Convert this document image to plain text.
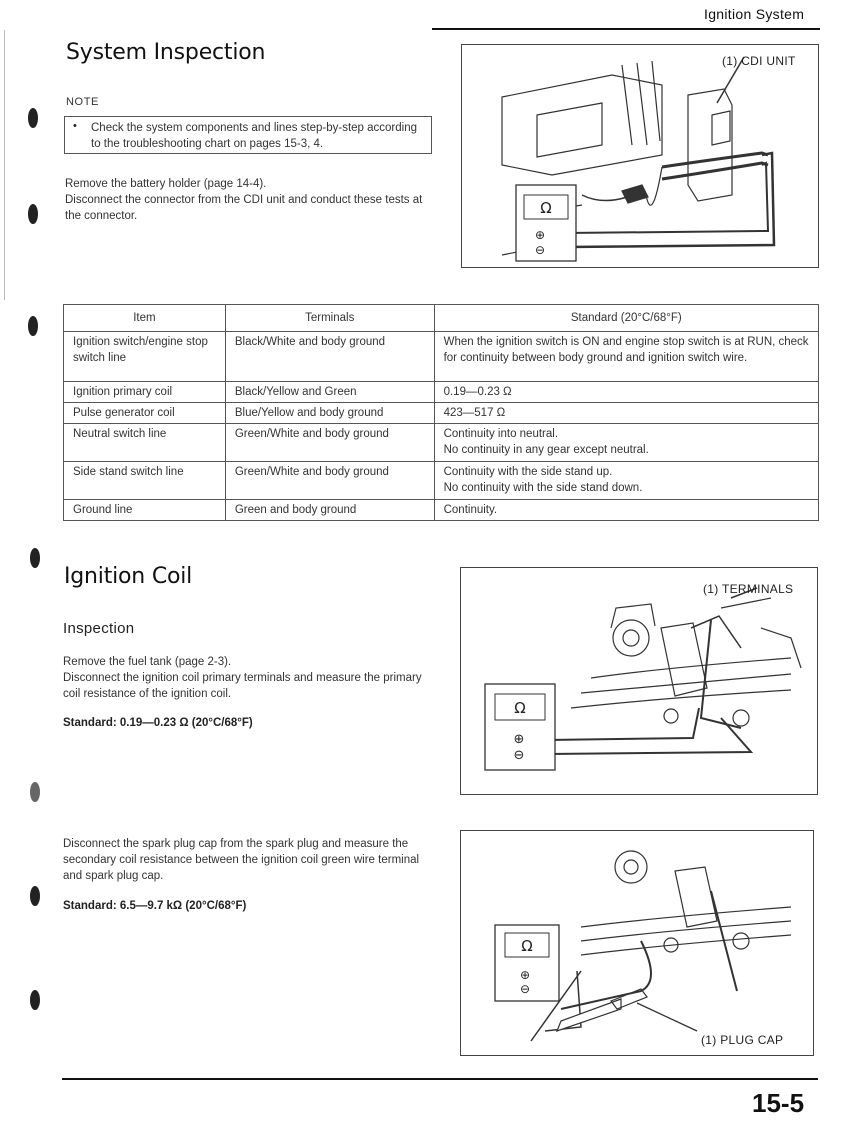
Ignition System
System Inspection
NOTE
• Check the system components and lines step-by-step according to the troubleshooting chart on pages 15-3, 4.
Remove the battery holder (page 14-4).
Disconnect the connector from the CDI unit and conduct these tests at the connector.	Ω
⊕
⊖
(1) CDI UNIT
Item	Terminals	Standard (20°C/68°F)
Ignition switch/engine stop switch line	Black/White and body ground	When the ignition switch is ON and engine stop switch is at RUN, check for continuity between body ground and ignition switch wire.
Ignition primary coil	Black/Yellow and Green	0.19—0.23 Ω
Pulse generator coil	Blue/Yellow and body ground	423—517 Ω
Neutral switch line	Green/White and body ground	Continuity into neutral.
No continuity in any gear except neutral.
Side stand switch line	Green/White and body ground	Continuity with the side stand up.
No continuity with the side stand down.
Ground line	Green and body ground	Continuity.
Ignition Coil
Inspection
Remove the fuel tank (page 2-3).
Disconnect the ignition coil primary terminals and measure the primary coil resistance of the ignition coil.
Standard: 0.19—0.23 Ω (20°C/68°F)
Disconnect the spark plug cap from the spark plug and measure the secondary coil resistance between the ignition coil green wire terminal and spark plug cap.
Standard: 6.5—9.7 kΩ (20°C/68°F)
Ω
⊕
⊖
(1) TERMINALS
Ω
⊕
⊖
(1) PLUG CAP
15-5
